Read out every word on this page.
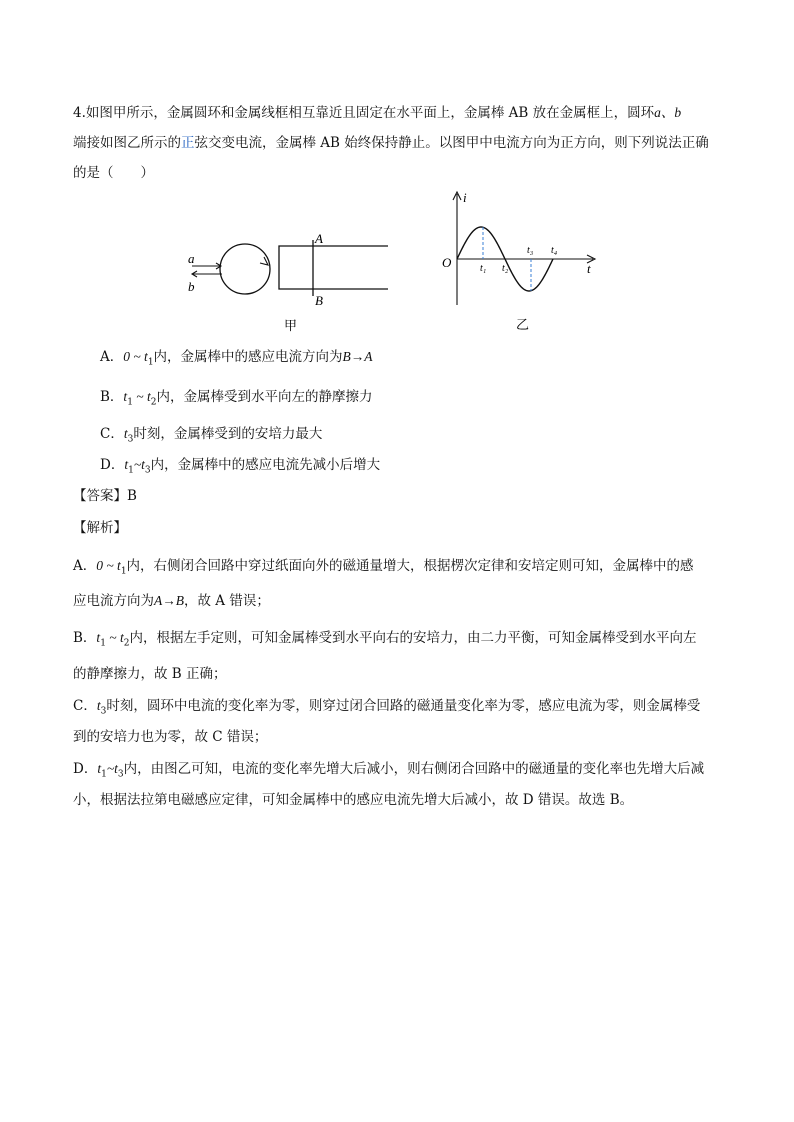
4.如图甲所示，金属圆环和金属线框相互靠近且固定在水平面上，金属棒 AB 放在金属框上，圆环a、b
端接如图乙所示的正弦交变电流，金属棒 AB 始终保持静止。以图甲中电流方向为正方向，则下列说法正确
的是（　　）
a
b
A
B
甲
i
O	t
t₁ t₂
t₃ t₄
乙
A．0 ~ $t_1$内，金属棒中的感应电流方向为B→A
B．$t_1$ ~ $t_2$内，金属棒受到水平向左的静摩擦力
C．$t_3$时刻，金属棒受到的安培力最大
D．$t_1\sim t_3$内，金属棒中的感应电流先减小后增大
【答案】B
【解析】
A．0 ~ $t_1$内，右侧闭合回路中穿过纸面向外的磁通量增大，根据楞次定律和安培定则可知，金属棒中的感
应电流方向为A→B，故 A 错误；
B．$t_1$ ~ $t_2$内，根据左手定则，可知金属棒受到水平向右的安培力，由二力平衡，可知金属棒受到水平向左
的静摩擦力，故 B 正确；
C．$t_3$时刻，圆环中电流的变化率为零，则穿过闭合回路的磁通量变化率为零，感应电流为零，则金属棒受
到的安培力也为零，故 C 错误；
D．$t_1\sim t_3$内，由图乙可知，电流的变化率先增大后减小，则右侧闭合回路中的磁通量的变化率也先增大后减
小，根据法拉第电磁感应定律，可知金属棒中的感应电流先增大后减小，故 D 错误。故选 B。
